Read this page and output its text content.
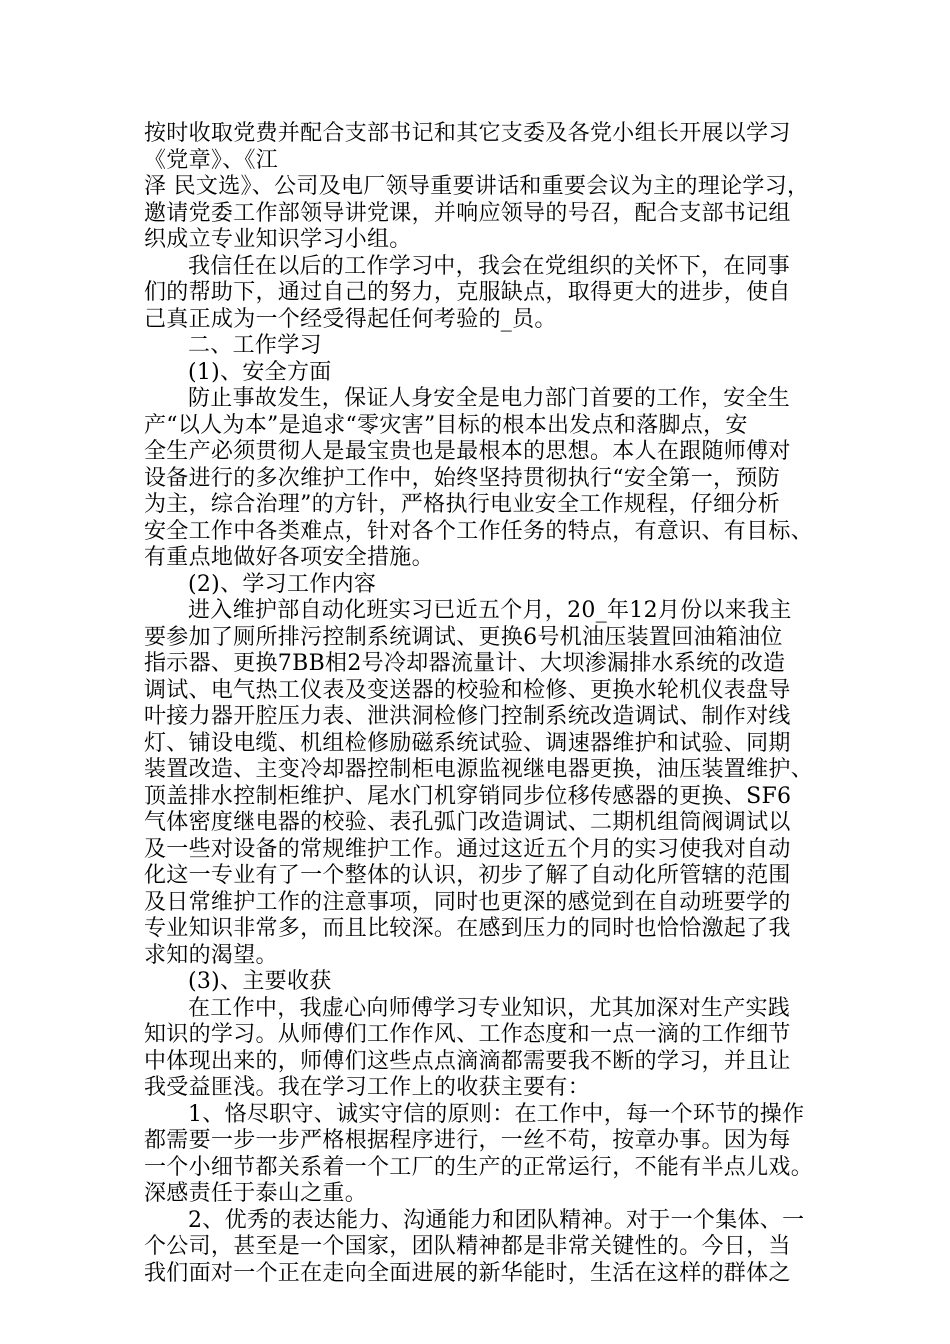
按时收取党费并配合支部书记和其它支委及各党小组长开展以学习
《党章》、《江
泽 民文选》、公司及电厂领导重要讲话和重要会议为主的理论学习，
邀请党委工作部领导讲党课，并响应领导的号召，配合支部书记组
织成立专业知识学习小组。
我信任在以后的工作学习中，我会在党组织的关怀下，在同事
们的帮助下，通过自己的努力，克服缺点，取得更大的进步，使自
己真正成为一个经受得起任何考验的_员。
二、工作学习
(1)、安全方面
防止事故发生，保证人身安全是电力部门首要的工作，安全生
产“以人为本”是追求“零灾害”目标的根本出发点和落脚点，安
全生产必须贯彻人是最宝贵也是最根本的思想。本人在跟随师傅对
设备进行的多次维护工作中，始终坚持贯彻执行“安全第一，预防
为主，综合治理”的方针，严格执行电业安全工作规程，仔细分析
安全工作中各类难点，针对各个工作任务的特点，有意识、有目标、
有重点地做好各项安全措施。
(2)、学习工作内容
进入维护部自动化班实习已近五个月，20_年12月份以来我主
要参加了厕所排污控制系统调试、更换6号机油压装置回油箱油位
指示器、更换7BB相2号冷却器流量计、大坝渗漏排水系统的改造
调试、电气热工仪表及变送器的校验和检修、更换水轮机仪表盘导
叶接力器开腔压力表、泄洪洞检修门控制系统改造调试、制作对线
灯、铺设电缆、机组检修励磁系统试验、调速器维护和试验、同期
装置改造、主变冷却器控制柜电源监视继电器更换，油压装置维护、
顶盖排水控制柜维护、尾水门机穿销同步位移传感器的更换、SF6
气体密度继电器的校验、表孔弧门改造调试、二期机组筒阀调试以
及一些对设备的常规维护工作。通过这近五个月的实习使我对自动
化这一专业有了一个整体的认识，初步了解了自动化所管辖的范围
及日常维护工作的注意事项，同时也更深的感觉到在自动班要学的
专业知识非常多，而且比较深。在感到压力的同时也恰恰激起了我
求知的渴望。
(3)、主要收获
在工作中，我虚心向师傅学习专业知识，尤其加深对生产实践
知识的学习。从师傅们工作作风、工作态度和一点一滴的工作细节
中体现出来的，师傅们这些点点滴滴都需要我不断的学习，并且让
我受益匪浅。我在学习工作上的收获主要有：
1、恪尽职守、诚实守信的原则：在工作中，每一个环节的操作
都需要一步一步严格根据程序进行，一丝不苟，按章办事。因为每
一个小细节都关系着一个工厂的生产的正常运行，不能有半点儿戏。
深感责任于泰山之重。
2、优秀的表达能力、沟通能力和团队精神。对于一个集体、一
个公司，甚至是一个国家，团队精神都是非常关键性的。今日，当
我们面对一个正在走向全面进展的新华能时，生活在这样的群体之
